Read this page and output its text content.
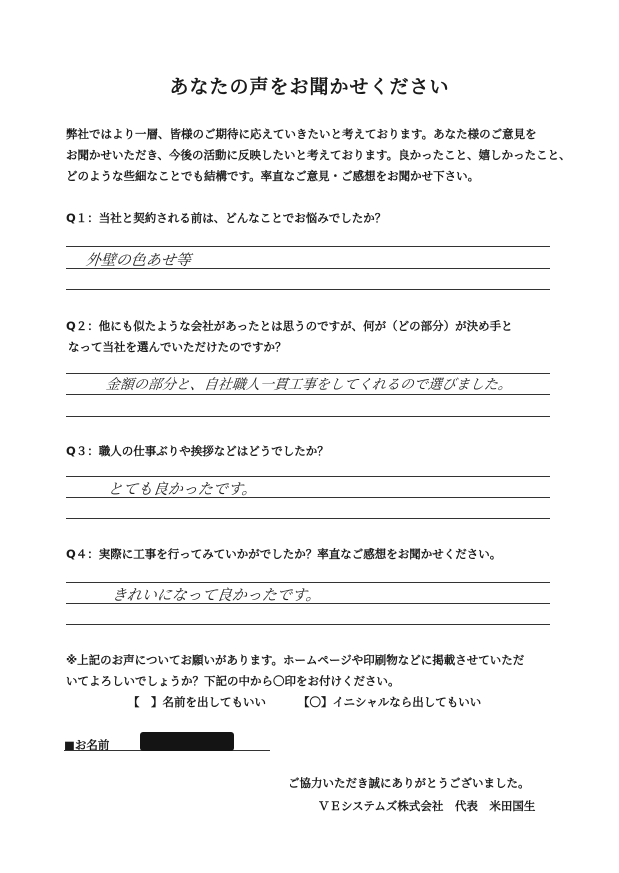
あなたの声をお聞かせください
弊社ではより一層、皆様のご期待に応えていきたいと考えております。あなた様のご意見を
お聞かせいただき、今後の活動に反映したいと考えております。良かったこと、嬉しかったこと、
どのような些細なことでも結構です。率直なご意見・ご感想をお聞かせ下さい。
Q１：当社と契約される前は、どんなことでお悩みでしたか？
外壁の色あせ等
Q２：他にも似たような会社があったとは思うのですが、何が（どの部分）が決め手と
なって当社を選んでいただけたのですか？
金額の部分と、自社職人一貫工事をしてくれるので選びました。
Q３：職人の仕事ぶりや挨拶などはどうでしたか？
とても良かったです。
Q４：実際に工事を行ってみていかがでしたか？率直なご感想をお聞かせください。
きれいになって良かったです。
※上記のお声についてお願いがあります。ホームページや印刷物などに掲載させていただ
いてよろしいでしょうか？下記の中から〇印をお付けください。
【　】名前を出してもいい	【〇】イニシャルなら出してもいい
■お名前
ご協力いただき誠にありがとうございました。
ＶＥシステムズ株式会社　代表　米田国生
